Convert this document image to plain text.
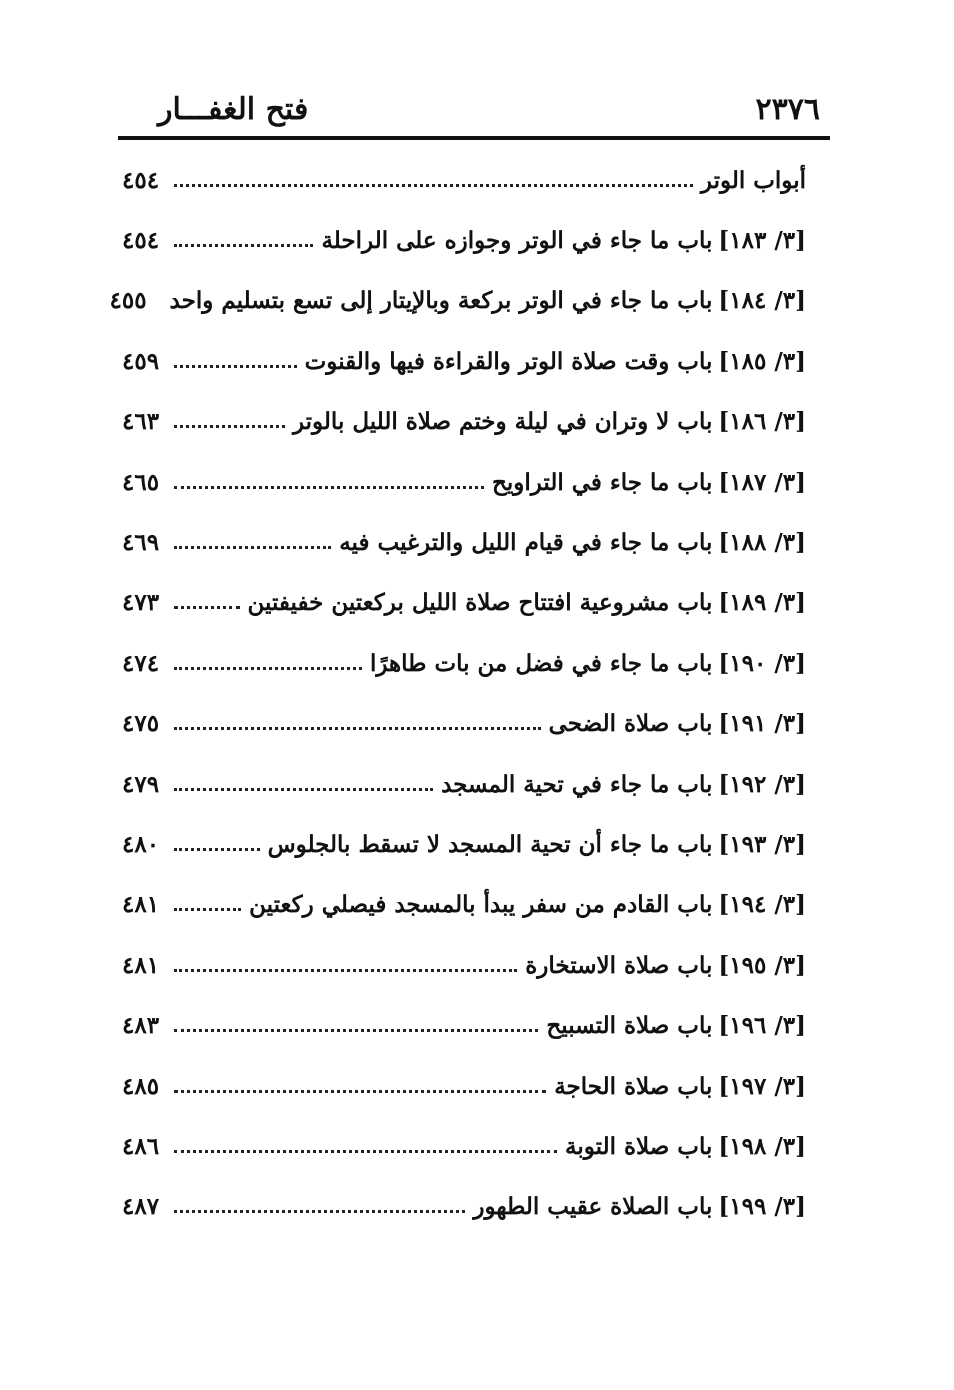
٢٣٧٦
فتح الغفـــار
أبواب الوتر
٤٥٤
[٣/ ١٨٣]
باب ما جاء في الوتر وجوازه على الراحلة
٤٥٤
[٣/ ١٨٤]
باب ما جاء في الوتر بركعة وبالإيتار إلى تسع بتسليم واحد
٤٥٥
[٣/ ١٨٥]
باب وقت صلاة الوتر والقراءة فيها والقنوت
٤٥٩
[٣/ ١٨٦]
باب لا وتران في ليلة وختم صلاة الليل بالوتر
٤٦٣
[٣/ ١٨٧]
باب ما جاء في التراويح
٤٦٥
[٣/ ١٨٨]
باب ما جاء في قيام الليل والترغيب فيه
٤٦٩
[٣/ ١٨٩]
باب مشروعية افتتاح صلاة الليل بركعتين خفيفتين
٤٧٣
[٣/ ١٩٠]
باب ما جاء في فضل من بات طاهرًا
٤٧٤
[٣/ ١٩١]
باب صلاة الضحى
٤٧٥
[٣/ ١٩٢]
باب ما جاء في تحية المسجد
٤٧٩
[٣/ ١٩٣]
باب ما جاء أن تحية المسجد لا تسقط بالجلوس
٤٨٠
[٣/ ١٩٤]
باب القادم من سفر يبدأ بالمسجد فيصلي ركعتين
٤٨١
[٣/ ١٩٥]
باب صلاة الاستخارة
٤٨١
[٣/ ١٩٦]
باب صلاة التسبيح
٤٨٣
[٣/ ١٩٧]
باب صلاة الحاجة
٤٨٥
[٣/ ١٩٨]
باب صلاة التوبة
٤٨٦
[٣/ ١٩٩]
باب الصلاة عقيب الطهور
٤٨٧
